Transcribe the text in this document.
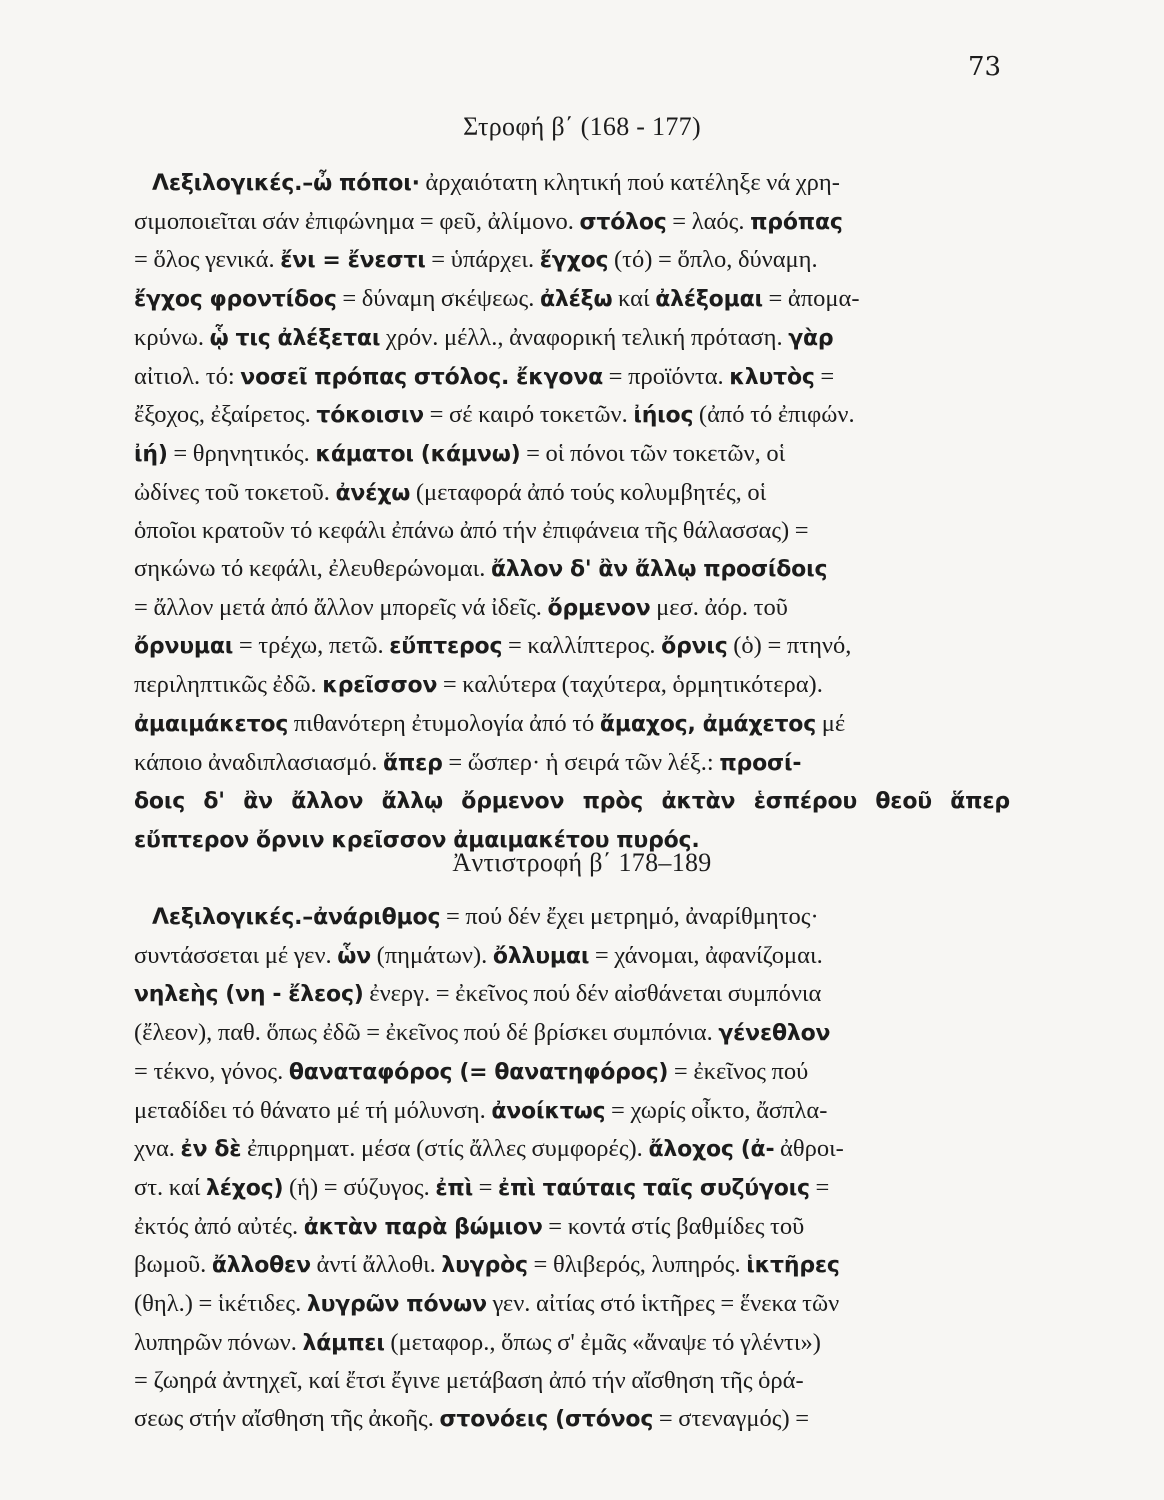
73
Στροφή β΄ (168 - 177)
Λεξιλογικές.–ὦ πόποι· ἀρχαιότατη κλητική πού κατέληξε νά χρη-
σιμοποιεῖται σάν ἐπιφώνημα = φεῦ, ἀλίμονο. στόλος = λαός. πρόπας
= ὅλος γενικά. ἔνι = ἔνεστι = ὑπάρχει. ἔγχος (τό) = ὅπλο, δύναμη.
ἔγχος φροντίδος = δύναμη σκέψεως. ἀλέξω καί ἀλέξομαι = ἀπομα-
κρύνω. ᾧ τις ἀλέξεται χρόν. μέλλ., ἀναφορική τελική πρόταση. γὰρ
αἰτιολ. τό: νοσεῖ πρόπας στόλος. ἔκγονα = προϊόντα. κλυτὸς =
ἔξοχος, ἐξαίρετος. τόκοισιν = σέ καιρό τοκετῶν. ἰήιος (ἀπό τό ἐπιφών.
ἰή) = θρηνητικός. κάματοι (κάμνω) = οἱ πόνοι τῶν τοκετῶν, οἱ
ὠδίνες τοῦ τοκετοῦ. ἀνέχω (μεταφορά ἀπό τούς κολυμβητές, οἱ
ὁποῖοι κρατοῦν τό κεφάλι ἐπάνω ἀπό τήν ἐπιφάνεια τῆς θάλασσας) =
σηκώνω τό κεφάλι, ἐλευθερώνομαι. ἄλλον δ' ἂν ἄλλῳ προσίδοις
= ἄλλον μετά ἀπό ἄλλον μπορεῖς νά ἰδεῖς. ὄρμενον μεσ. ἀόρ. τοῦ
ὄρνυμαι = τρέχω, πετῶ. εὔπτερος = καλλίπτερος. ὄρνις (ὁ) = πτηνό,
περιληπτικῶς ἐδῶ. κρεῖσσον = καλύτερα (ταχύτερα, ὁρμητικότερα).
ἀμαιμάκετος πιθανότερη ἐτυμολογία ἀπό τό ἄμαχος, ἀμάχετος μέ
κάποιο ἀναδιπλασιασμό. ἅπερ = ὥσπερ· ἡ σειρά τῶν λέξ.: προσί-
δοις δ' ἂν ἄλλον ἄλλῳ ὄρμενον πρὸς ἀκτὰν ἑσπέρου θεοῦ ἅπερ
εὔπτερον ὄρνιν κρεῖσσον ἀμαιμακέτου πυρός.
Ἀντιστροφή β΄ 178–189
Λεξιλογικές.–ἀνάριθμος = πού δέν ἔχει μετρημό, ἀναρίθμητος·
συντάσσεται μέ γεν. ὧν (πημάτων). ὄλλυμαι = χάνομαι, ἀφανίζομαι.
νηλεὴς (νη - ἔλεος) ἐνεργ. = ἐκεῖνος πού δέν αἰσθάνεται συμπόνια
(ἔλεον), παθ. ὅπως ἐδῶ = ἐκεῖνος πού δέ βρίσκει συμπόνια. γένεθλον
= τέκνο, γόνος. θαναταφόρος (= θανατηφόρος) = ἐκεῖνος πού
μεταδίδει τό θάνατο μέ τή μόλυνση. ἀνοίκτως = χωρίς οἶκτο, ἄσπλα-
χνα. ἐν δὲ ἐπιρρηματ. μέσα (στίς ἄλλες συμφορές). ἄλοχος (ἀ- ἀθροι-
στ. καί λέχος) (ἡ) = σύζυγος. ἐπὶ = ἐπὶ ταύταις ταῖς συζύγοις =
ἐκτός ἀπό αὐτές. ἀκτὰν παρὰ βώμιον = κοντά στίς βαθμίδες τοῦ
βωμοῦ. ἄλλοθεν ἀντί ἄλλοθι. λυγρὸς = θλιβερός, λυπηρός. ἱκτῆρες
(θηλ.) = ἱκέτιδες. λυγρῶν πόνων γεν. αἰτίας στό ἱκτῆρες = ἕνεκα τῶν
λυπηρῶν πόνων. λάμπει (μεταφορ., ὅπως σ' ἐμᾶς «ἄναψε τό γλέντι»)
= ζωηρά ἀντηχεῖ, καί ἔτσι ἔγινε μετάβαση ἀπό τήν αἴσθηση τῆς ὁρά-
σεως στήν αἴσθηση τῆς ἀκοῆς. στονόεις (στόνος = στεναγμός) =
